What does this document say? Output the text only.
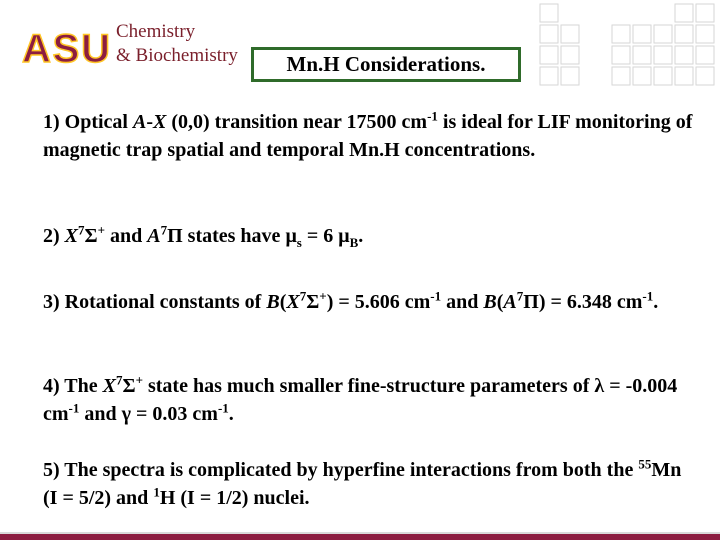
ASU Chemistry
& Biochemistry Mn.H Considerations.
1) Optical A-X (0,0) transition near 17500 $cm^{-1}$ is ideal for LIF monitoring of magnetic trap spatial and temporal Mn.H concentrations.
2) $X^7\Sigma^+$ and $A^7\Pi$ states have $\mu_s = 6$ $\mu_B$.
3) Rotational constants of $B(X^7\Sigma^+) = 5.606$ $cm^{-1}$ and $B(A^7\Pi) = 6.348$ $cm^{-1}$.
4) The $X^7\Sigma^+$ state has much smaller fine-structure parameters of λ = -0.004 $cm^{-1}$ and γ = 0.03 $cm^{-1}$.
5) The spectra is complicated by hyperfine interactions from both the $^{55}$Mn (I = 5/2) and $^1$H (I = 1/2) nuclei.
